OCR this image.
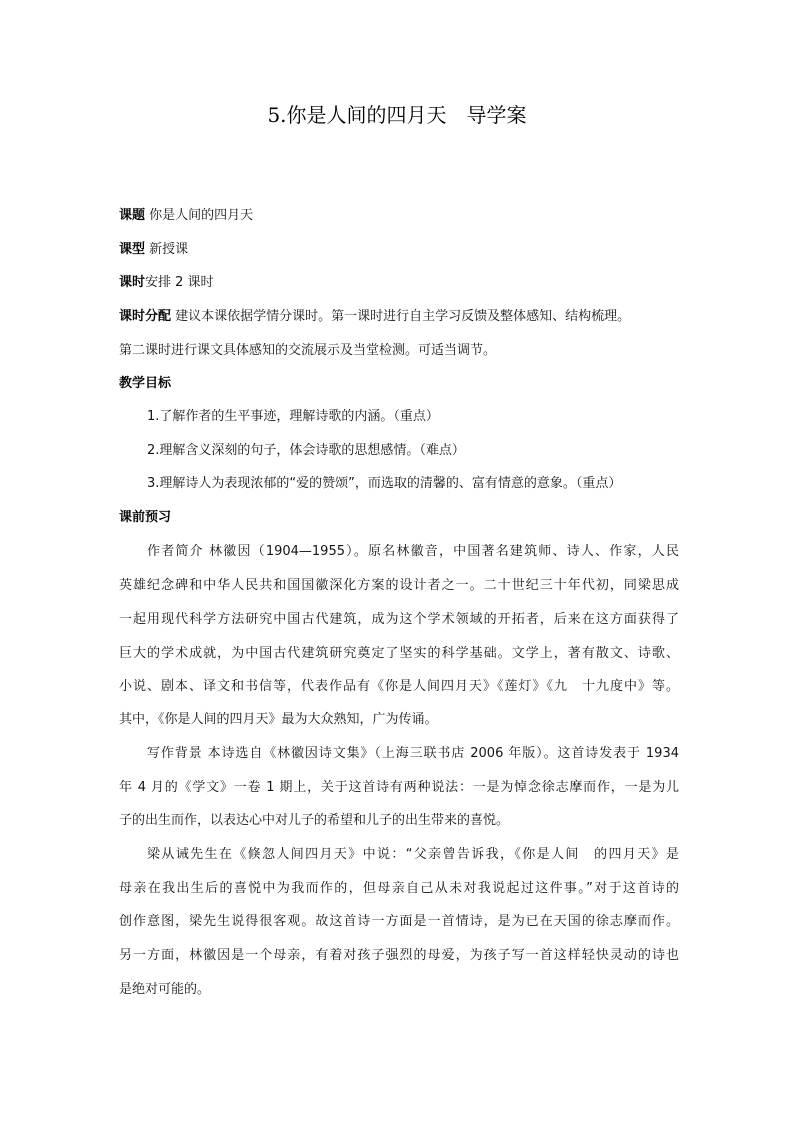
5.你是人间的四月天　导学案
课题 你是人间的四月天
课型 新授课
课时安排 2 课时
课时分配 建议本课依据学情分课时。第一课时进行自主学习反馈及整体感知、结构梳理。
第二课时进行课文具体感知的交流展示及当堂检测。可适当调节。
教学目标
1.了解作者的生平事迹，理解诗歌的内涵。（重点）
2.理解含义深刻的句子，体会诗歌的思想感情。（难点）
3.理解诗人为表现浓郁的“爱的赞颂”，而选取的清馨的、富有情意的意象。（重点）
课前预习
作者简介 林徽因（1904—1955）。原名林徽音，中国著名建筑师、诗人、作家，人民
英雄纪念碑和中华人民共和国国徽深化方案的设计者之一。二十世纪三十年代初，同梁思成
一起用现代科学方法研究中国古代建筑，成为这个学术领域的开拓者，后来在这方面获得了
巨大的学术成就，为中国古代建筑研究奠定了坚实的科学基础。文学上，著有散文、诗歌、
小说、剧本、译文和书信等，代表作品有《你是人间四月天》《莲灯》《九　十九度中》等。
其中，《你是人间的四月天》最为大众熟知，广为传诵。
写作背景 本诗选自《林徽因诗文集》（上海三联书店 2006 年版）。这首诗发表于 1934
年 4 月的《学文》一卷 1 期上，关于这首诗有两种说法：一是为悼念徐志摩而作，一是为儿
子的出生而作，以表达心中对儿子的希望和儿子的出生带来的喜悦。
梁从诫先生在《倏忽人间四月天》中说：“父亲曾告诉我，《你是人间　的四月天》是
母亲在我出生后的喜悦中为我而作的，但母亲自己从未对我说起过这件事。”对于这首诗的
创作意图，梁先生说得很客观。故这首诗一方面是一首情诗，是为已在天国的徐志摩而作。
另一方面，林徽因是一个母亲，有着对孩子强烈的母爱，为孩子写一首这样轻快灵动的诗也
是绝对可能的。
